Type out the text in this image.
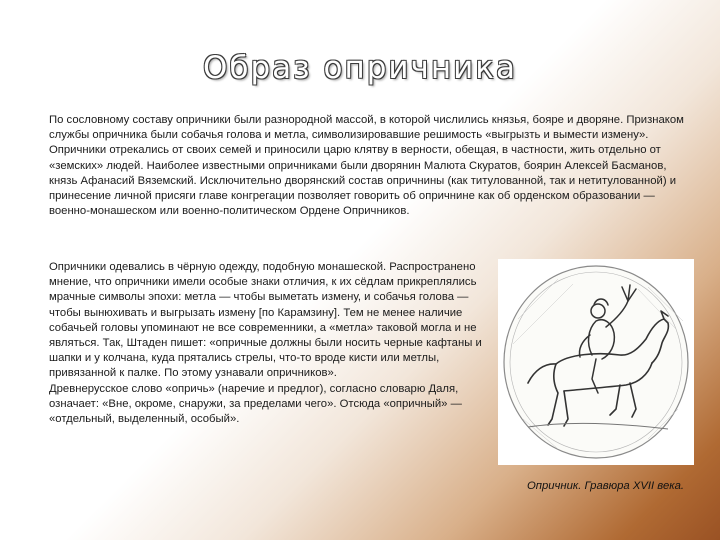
Образ опричника
По сословному составу опричники были разнородной массой, в которой числились князья, бояре и дворяне. Признаком службы опричника были собачья голова и метла, символизировавшие решимость «выгрызть и вымести измену». Опричники отрекались от своих семей и приносили царю клятву в верности, обещая, в частности, жить отдельно от «земских» людей. Наиболее известными опричниками были дворянин Малюта Скуратов, боярин Алексей Басманов, князь Афанасий Вяземский. Исключительно дворянский состав опричнины (как титулованной, так и нетитулованной) и принесение личной присяги главе конгрегации позволяет говорить об опричнине как об орденском образовании — военно-монашеском или военно-политическом Ордене Опричников.

Опричники одевались в чёрную одежду, подобную монашеской. Распространено мнение, что опричники имели особые знаки отличия, к их сёдлам прикреплялись мрачные символы эпохи: метла — чтобы выметать измену, и собачья голова — чтобы вынюхивать и выгрызать измену [по Карамзину]. Тем не менее наличие собачьей головы упоминают не все современники, а «метла» таковой могла и не являться. Так, Штаден пишет: «опричные должны были носить черные кафтаны и шапки и у колчана, куда прятались стрелы, что-то вроде кисти или метлы, привязанной к палке. По этому узнавали опричников».

Древнерусское слово «опричь» (наречие и предлог), согласно словарю Даля, означает: «Вне, окроме, снаружи, за пределами чего». Отсюда «опричный» — «отдельный, выделенный, особый».

Опричник. Гравюра XVII века.
